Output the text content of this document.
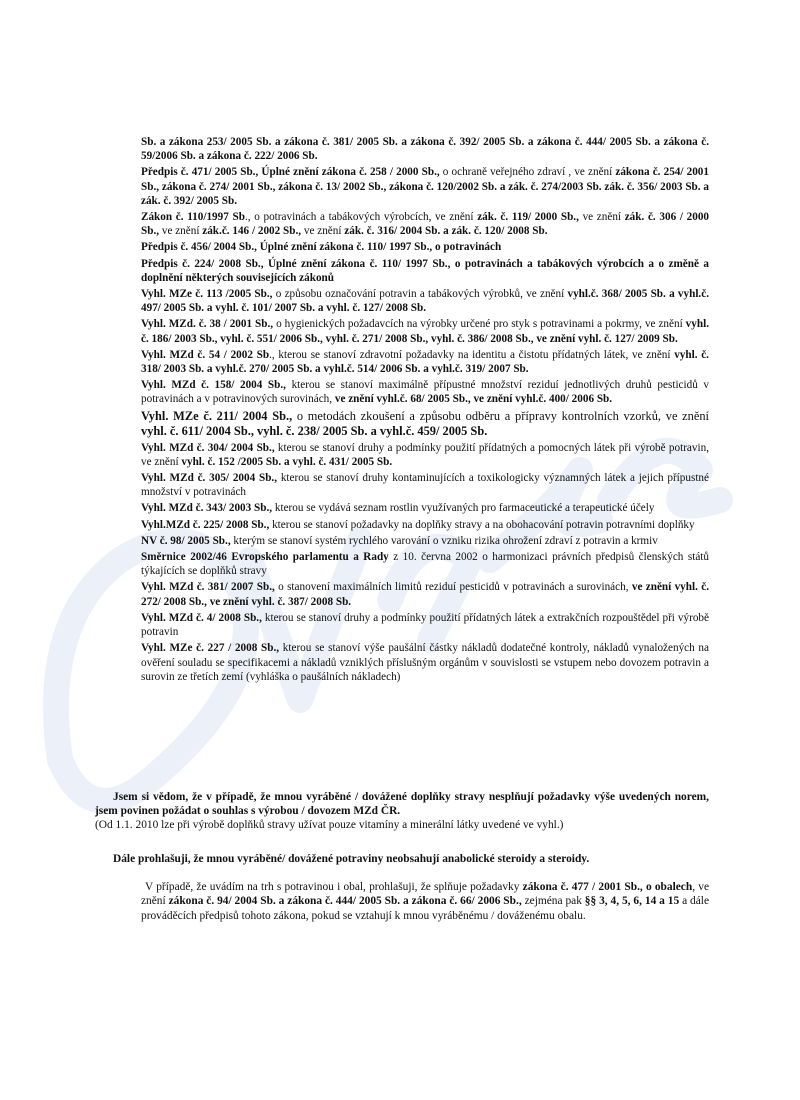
Sb. a zákona 253/ 2005 Sb. a zákona č. 381/ 2005 Sb. a zákona č. 392/ 2005 Sb. a zákona č. 444/ 2005 Sb. a zákona č. 59/2006 Sb. a zákona č. 222/ 2006 Sb.

Předpis č. 471/ 2005 Sb., Úplné znění zákona č. 258 / 2000 Sb., o ochraně veřejného zdraví , ve znění zákona č. 254/ 2001 Sb., zákona č. 274/ 2001 Sb., zákona č. 13/ 2002 Sb., zákona č. 120/2002 Sb. a zák. č. 274/2003 Sb. zák. č. 356/ 2003 Sb. a zák. č. 392/ 2005 Sb.

Zákon č. 110/1997 Sb., o potravinách a tabákových výrobcích, ve znění zák. č. 119/ 2000 Sb., ve znění zák. č. 306 / 2000 Sb., ve znění zák.č. 146 / 2002 Sb., ve znění zák. č. 316/ 2004 Sb. a zák. č. 120/ 2008 Sb.

Předpis č. 456/ 2004 Sb., Úplné znění zákona č. 110/ 1997 Sb., o potravinách

Předpis č. 224/ 2008 Sb., Úplné znění zákona č. 110/ 1997 Sb., o potravinách a tabákových výrobcích a o změně a doplnění některých souvisejících zákonů

Vyhl. MZe č. 113 /2005 Sb., o způsobu označování potravin a tabákových výrobků, ve znění vyhl.č. 368/ 2005 Sb. a vyhl.č. 497/ 2005 Sb. a vyhl. č. 101/ 2007 Sb. a vyhl. č. 127/ 2008 Sb.

Vyhl. MZd. č. 38 / 2001 Sb., o hygienických požadavcích na výrobky určené pro styk s potravinami a pokrmy, ve znění vyhl. č. 186/ 2003 Sb., vyhl. č. 551/ 2006 Sb., vyhl. č. 271/ 2008 Sb., vyhl. č. 386/ 2008 Sb., ve znění vyhl. č. 127/ 2009 Sb.

Vyhl. MZd č. 54 / 2002 Sb., kterou se stanoví zdravotní požadavky na identitu a čistotu přídatných látek, ve znění vyhl. č. 318/ 2003 Sb. a vyhl.č. 270/ 2005 Sb. a vyhl.č. 514/ 2006 Sb. a vyhl.č. 319/ 2007 Sb.

Vyhl. MZd č. 158/ 2004 Sb., kterou se stanoví maximálně přípustné množství reziduí jednotlivých druhů pesticidů v potravinách a v potravinových surovinách, ve znění vyhl.č. 68/ 2005 Sb., ve znění vyhl.č. 400/ 2006 Sb.

Vyhl. MZe č. 211/ 2004 Sb., o metodách zkoušení a způsobu odběru a přípravy kontrolních vzorků, ve znění vyhl. č. 611/ 2004 Sb., vyhl. č. 238/ 2005 Sb. a vyhl.č. 459/ 2005 Sb.

Vyhl. MZd č. 304/ 2004 Sb., kterou se stanoví druhy a podmínky použití přídatných a pomocných látek při výrobě potravin, ve znění vyhl. č. 152 /2005 Sb. a vyhl. č. 431/ 2005 Sb.

Vyhl. MZd č. 305/ 2004 Sb., kterou se stanoví druhy kontaminujících a toxikologicky významných látek a jejich přípustné množství v potravinách

Vyhl. MZd č. 343/ 2003 Sb., kterou se vydává seznam rostlin využívaných pro farmaceutické a terapeutické účely

Vyhl.MZd č. 225/ 2008 Sb., kterou se stanoví požadavky na doplňky stravy a na obohacování potravin potravními doplňky

NV č. 98/ 2005 Sb., kterým se stanoví systém rychlého varování o vzniku rizika ohrožení zdraví z potravin a krmiv

Směrnice 2002/46 Evropského parlamentu a Rady z 10. června 2002 o harmonizaci právních předpisů členských států týkajících se doplňků stravy

Vyhl. MZd č. 381/ 2007 Sb., o stanovení maximálních limitů reziduí pesticidů v potravinách a surovinách, ve znění vyhl. č. 272/ 2008 Sb., ve znění vyhl. č. 387/ 2008 Sb.

Vyhl. MZd č. 4/ 2008 Sb., kterou se stanoví druhy a podmínky použití přídatných látek a extrakčních rozpouštědel při výrobě potravin

Vyhl. MZe č. 227 / 2008 Sb., kterou se stanoví výše paušální částky nákladů dodatečné kontroly, nákladů vynaložených na ověření souladu se specifikacemi a nákladů vzniklých příslušným orgánům v souvislosti se vstupem nebo dovozem potravin a surovin ze třetích zemí (vyhláška o paušálních nákladech)

Jsem si vědom, že v případě, že mnou vyráběné / dovážené doplňky stravy nesplňují požadavky výše uvedených norem, jsem povinen požádat o souhlas s výrobou / dovozem MZd ČR.

(Od 1.1. 2010 lze při výrobě doplňků stravy užívat pouze vitamíny a minerální látky uvedené ve vyhl.)

Dále prohlašuji, že mnou vyráběné/ dovážené potraviny neobsahují anabolické steroidy a steroidy.

V případě, že uvádím na trh s potravinou i obal, prohlašuji, že splňuje požadavky zákona č. 477 / 2001 Sb., o obalech, ve znění zákona č. 94/ 2004 Sb. a zákona č. 444/ 2005 Sb. a zákona č. 66/ 2006 Sb., zejména pak §§ 3, 4, 5, 6, 14 a 15 a dále prováděcích předpisů tohoto zákona, pokud se vztahují k mnou vyráběnému / dováženému obalu.
